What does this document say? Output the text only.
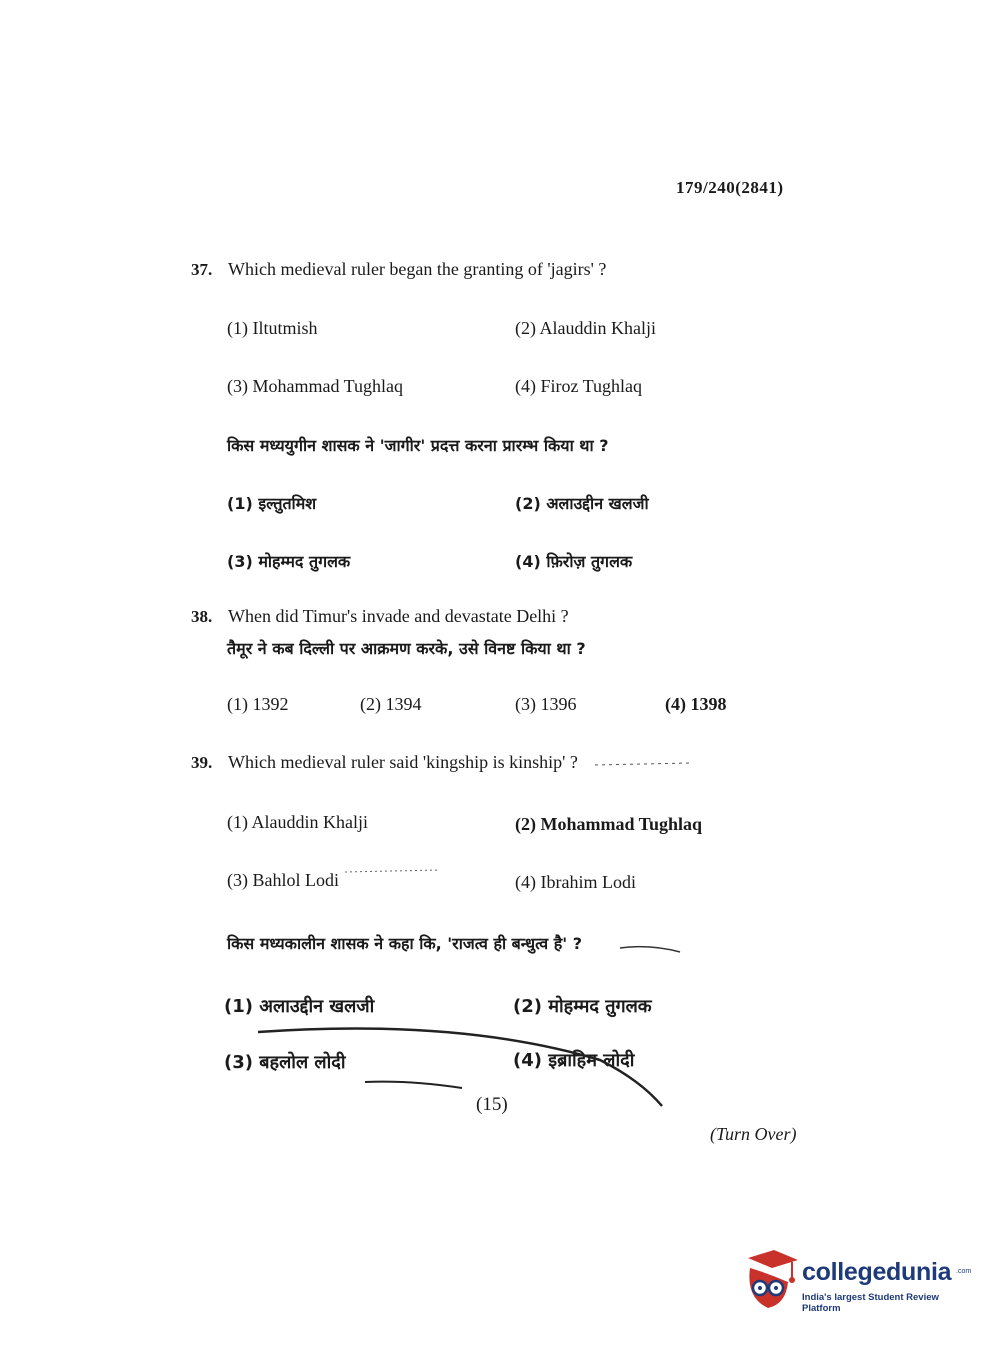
179/240(2841)
37. Which medieval ruler began the granting of 'jagirs' ?
(1) Iltutmish	(2) Alauddin Khalji
(3) Mohammad Tughlaq	(4) Firoz Tughlaq
किस मध्ययुगीन शासक ने 'जागीर' प्रदत्त करना प्रारम्भ किया था ?
(1) इल्तुतमिश	(2) अलाउद्दीन खलजी
(3) मोहम्मद तुगलक	(4) फ़िरोज़ तुगलक
38. When did Timur's invade and devastate Delhi ?
तैमूर ने कब दिल्ली पर आक्रमण करके, उसे विनष्ट किया था ?
(1) 1392	(2) 1394	(3) 1396	(4) 1398
39. Which medieval ruler said 'kingship is kinship' ?
(1) Alauddin Khalji	(2) Mohammad Tughlaq
(3) Bahlol Lodi	(4) Ibrahim Lodi
किस मध्यकालीन शासक ने कहा कि, 'राजत्व ही बन्धुत्व है' ?
(1) अलाउद्दीन खलजी	(2) मोहम्मद तुगलक
(3) बहलोल लोदी	(4) इब्राहिम लोदी
(15)
(Turn Over)
collegedunia .com
India's largest Student Review Platform
